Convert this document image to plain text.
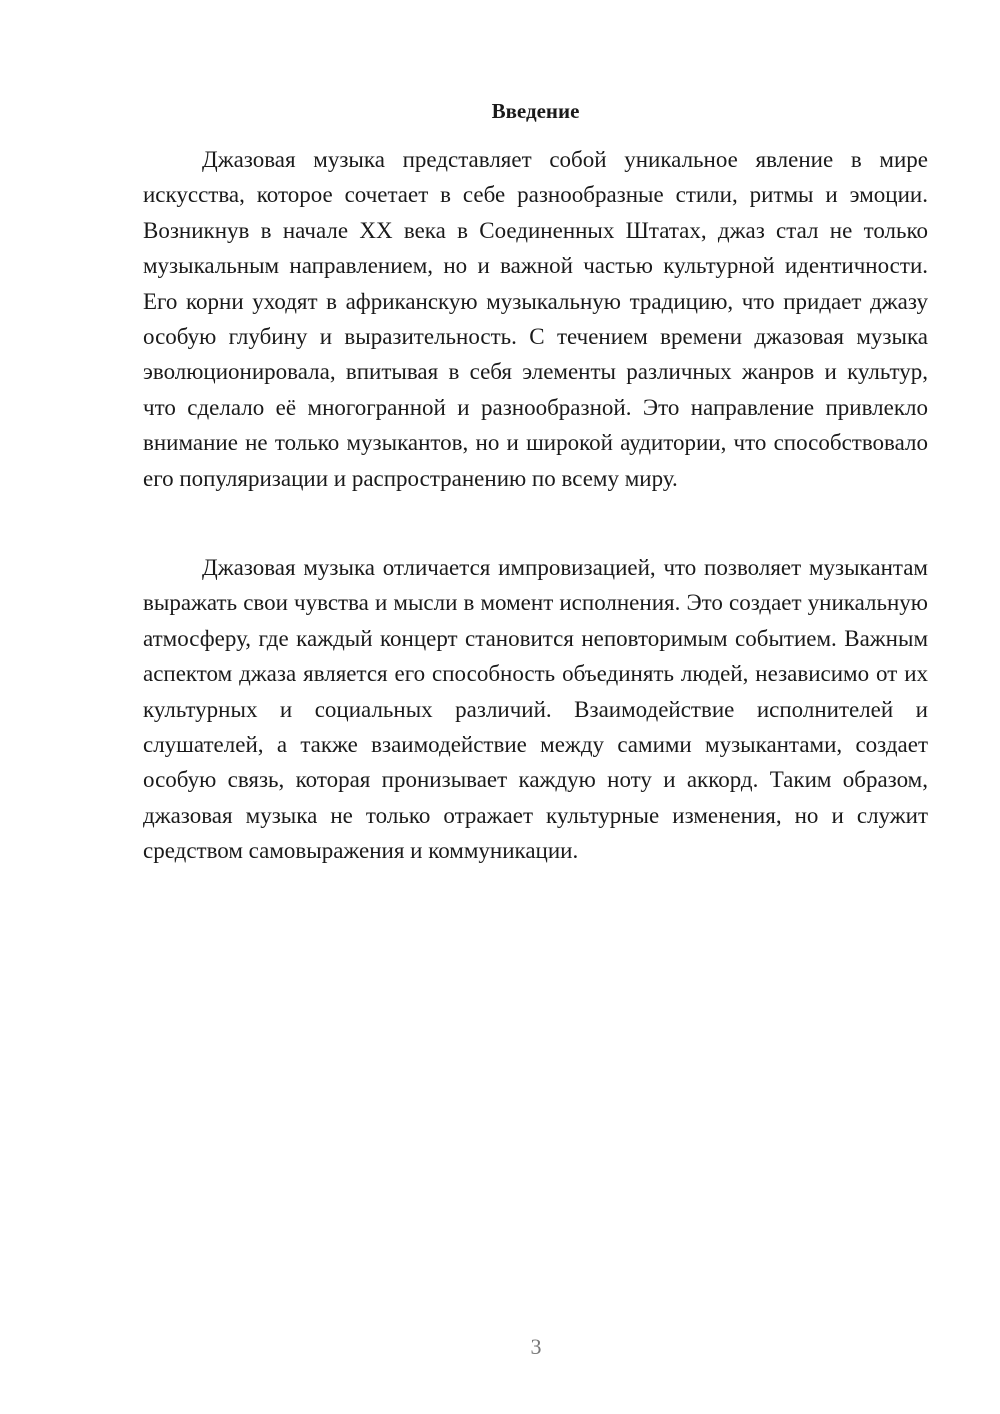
Введение

Джазовая музыка представляет собой уникальное явление в мире искусства, которое сочетает в себе разнообразные стили, ритмы и эмоции. Возникнув в начале XX века в Соединенных Штатах, джаз стал не только музыкальным направлением, но и важной частью культурной идентичности. Его корни уходят в африканскую музыкальную традицию, что придает джазу особую глубину и выразительность. С течением времени джазовая музыка эволюционировала, впитывая в себя элементы различных жанров и культур, что сделало её многогранной и разнообразной. Это направление привлекло внимание не только музыкантов, но и широкой аудитории, что способствовало его популяризации и распространению по всему миру.

Джазовая музыка отличается импровизацией, что позволяет музыкантам выражать свои чувства и мысли в момент исполнения. Это создает уникальную атмосферу, где каждый концерт становится неповторимым событием. Важным аспектом джаза является его способность объединять людей, независимо от их культурных и социальных различий. Взаимодействие исполнителей и слушателей, а также взаимодействие между самими музыкантами, создает особую связь, которая пронизывает каждую ноту и аккорд. Таким образом, джазовая музыка не только отражает культурные изменения, но и служит средством самовыражения и коммуникации.

3
